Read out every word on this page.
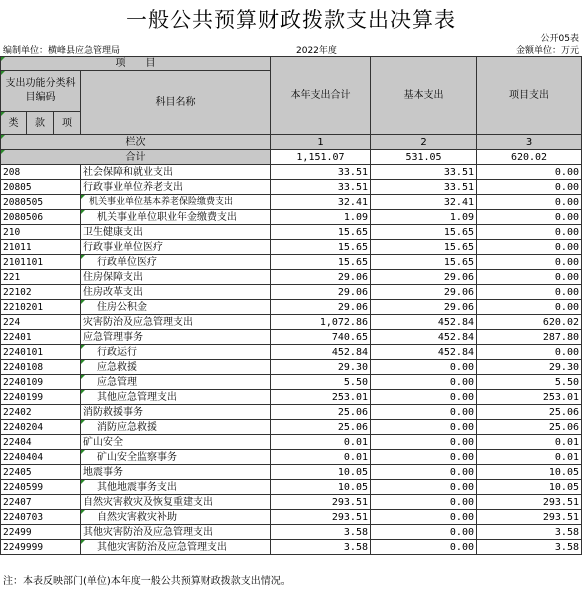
一般公共预算财政拨款支出决算表
公开05表
编制单位：横峰县应急管理局	2022年度	金额单位：万元
项　　目				本年支出合计	基本支出	项目支出
支出功能分类科目编码			科目名称			

类	款	项				
栏次				1	2	3
合计				1,151.07	531.05	620.02
208			社会保障和就业支出	33.51	33.51	0.00
20805			行政事业单位养老支出	33.51	33.51	0.00
2080505			机关事业单位基本养老保险缴费支出	32.41	32.41	0.00
2080506			机关事业单位职业年金缴费支出	1.09	1.09	0.00
210			卫生健康支出	15.65	15.65	0.00
21011			行政事业单位医疗	15.65	15.65	0.00
2101101			行政单位医疗	15.65	15.65	0.00
221			住房保障支出	29.06	29.06	0.00
22102			住房改革支出	29.06	29.06	0.00
2210201			住房公积金	29.06	29.06	0.00
224			灾害防治及应急管理支出	1,072.86	452.84	620.02
22401			应急管理事务	740.65	452.84	287.80
2240101			行政运行	452.84	452.84	0.00
2240108			应急救援	29.30	0.00	29.30
2240109			应急管理	5.50	0.00	5.50
2240199			其他应急管理支出	253.01	0.00	253.01
22402			消防救援事务	25.06	0.00	25.06
2240204			消防应急救援	25.06	0.00	25.06
22404			矿山安全	0.01	0.00	0.01
2240404			矿山安全监察事务	0.01	0.00	0.01
22405			地震事务	10.05	0.00	10.05
2240599			其他地震事务支出	10.05	0.00	10.05
22407			自然灾害救灾及恢复重建支出	293.51	0.00	293.51
2240703			自然灾害救灾补助	293.51	0.00	293.51
22499			其他灾害防治及应急管理支出	3.58	0.00	3.58
2249999			其他灾害防治及应急管理支出	3.58	0.00	3.58
注：本表反映部门(单位)本年度一般公共预算财政拨款支出情况。
